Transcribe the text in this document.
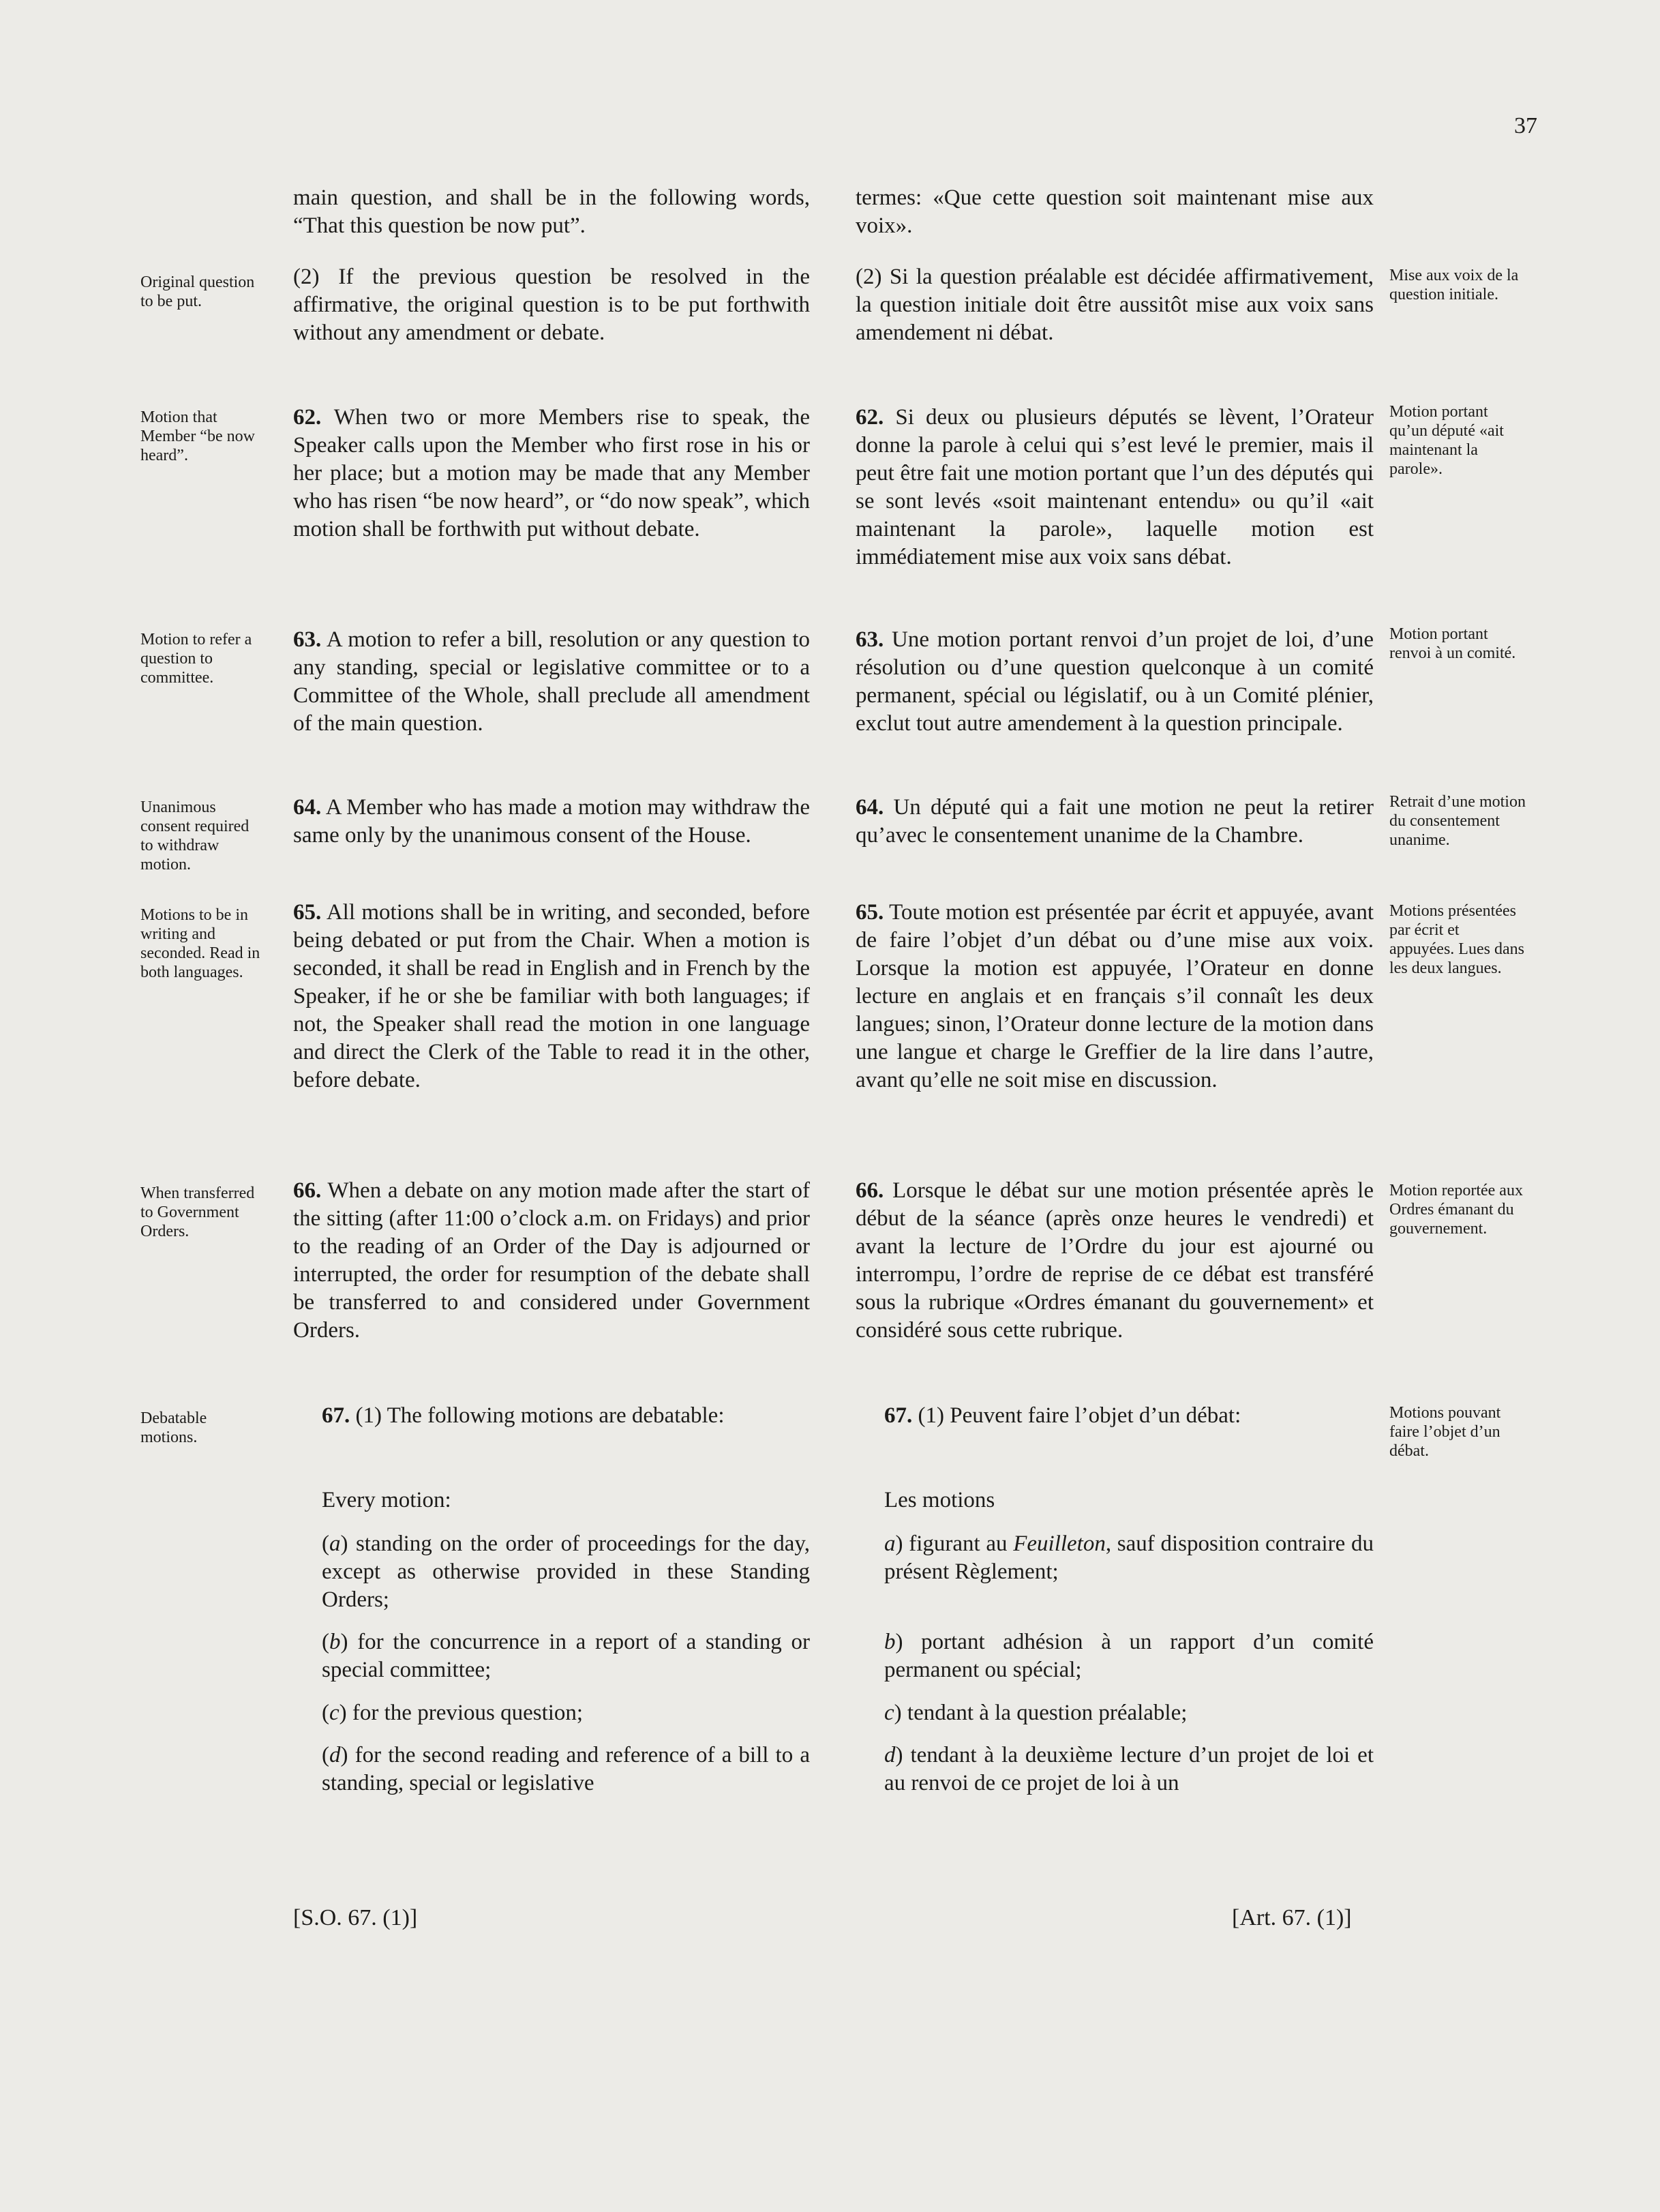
37

main question, and shall be in the following words, “That this question be now put”.

(2) If the previous question be resolved in the affirmative, the original question is to be put forthwith without any amendment or debate.

62. When two or more Members rise to speak, the Speaker calls upon the Member who first rose in his or her place; but a motion may be made that any Member who has risen “be now heard”, or “do now speak”, which motion shall be forthwith put without debate.

63. A motion to refer a bill, resolution or any question to any standing, special or legislative committee or to a Committee of the Whole, shall preclude all amendment of the main question.

64. A Member who has made a motion may withdraw the same only by the unanimous consent of the House.

65. All motions shall be in writing, and seconded, before being debated or put from the Chair. When a motion is seconded, it shall be read in English and in French by the Speaker, if he or she be familiar with both languages; if not, the Speaker shall read the motion in one language and direct the Clerk of the Table to read it in the other, before debate.

66. When a debate on any motion made after the start of the sitting (after 11:00 o’clock a.m. on Fridays) and prior to the reading of an Order of the Day is adjourned or interrupted, the order for resumption of the debate shall be transferred to and considered under Government Orders.

67. (1) The following motions are debatable:

Every motion:

(a) standing on the order of proceedings for the day, except as otherwise provided in these Standing Orders;

(b) for the concurrence in a report of a standing or special committee;

(c) for the previous question;

(d) for the second reading and reference of a bill to a standing, special or legislative

termes: «Que cette question soit maintenant mise aux voix».

(2) Si la question préalable est décidée affirmativement, la question initiale doit être aussitôt mise aux voix sans amendement ni débat.

62. Si deux ou plusieurs députés se lèvent, l’Orateur donne la parole à celui qui s’est levé le premier, mais il peut être fait une motion portant que l’un des députés qui se sont levés «soit maintenant entendu» ou qu’il «ait maintenant la parole», laquelle motion est immédiatement mise aux voix sans débat.

63. Une motion portant renvoi d’un projet de loi, d’une résolution ou d’une question quelconque à un comité permanent, spécial ou législatif, ou à un Comité plénier, exclut tout autre amendement à la question principale.

64. Un député qui a fait une motion ne peut la retirer qu’avec le consentement unanime de la Chambre.

65. Toute motion est présentée par écrit et appuyée, avant de faire l’objet d’un débat ou d’une mise aux voix. Lorsque la motion est appuyée, l’Orateur en donne lecture en anglais et en français s’il connaît les deux langues; sinon, l’Orateur donne lecture de la motion dans une langue et charge le Greffier de la lire dans l’autre, avant qu’elle ne soit mise en discussion.

66. Lorsque le débat sur une motion présentée après le début de la séance (après onze heures le vendredi) et avant la lecture de l’Ordre du jour est ajourné ou interrompu, l’ordre de reprise de ce débat est transféré sous la rubrique «Ordres émanant du gouvernement» et considéré sous cette rubrique.

67. (1) Peuvent faire l’objet d’un débat:

Les motions

a) figurant au Feuilleton, sauf disposition contraire du présent Règlement;

b) portant adhésion à un rapport d’un comité permanent ou spécial;

c) tendant à la question préalable;

d) tendant à la deuxième lecture d’un projet de loi et au renvoi de ce projet de loi à un

Original question to be put.

Motion that Member “be now heard”.

Motion to refer a question to committee.

Unanimous consent required to withdraw motion.

Motions to be in writing and seconded. Read in both languages.

When transferred to Government Orders.

Debatable motions.

Mise aux voix de la question initiale.

Motion portant qu’un député «ait maintenant la parole».

Motion portant renvoi à un comité.

Retrait d’une motion du consentement unanime.

Motions présentées par écrit et appuyées. Lues dans les deux langues.

Motion reportée aux Ordres émanant du gouvernement.

Motions pouvant faire l’objet d’un débat.

[S.O. 67. (1)]	[Art. 67. (1)]
